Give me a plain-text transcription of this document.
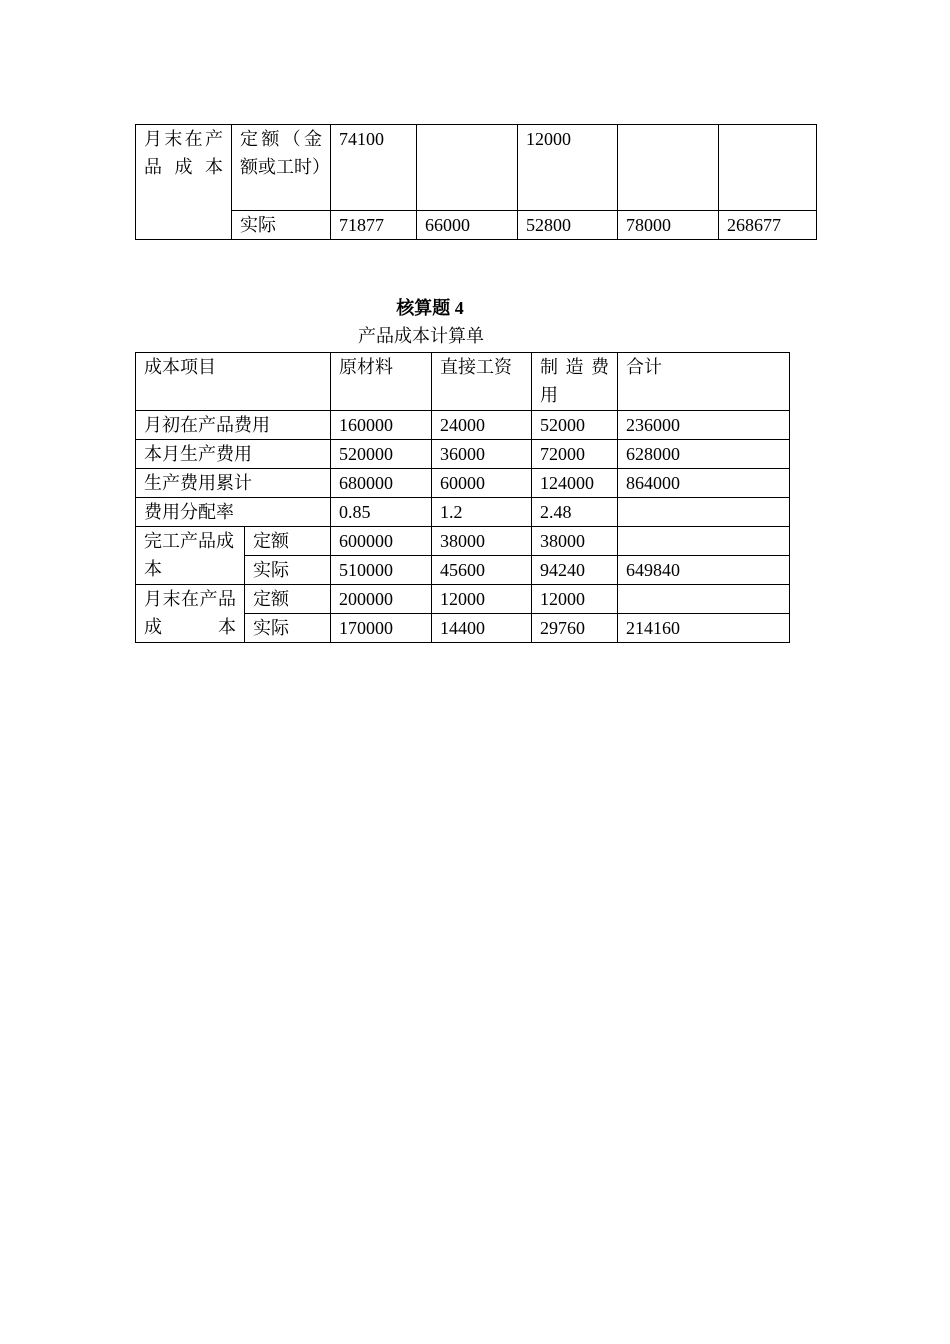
月末在产品成本	定额（金额或工时）	74100		12000		
	实际	71877	66000	52800	78000	268677
核算题 4
产品成本计算单
成本项目		原材料	直接工资	制造费用	合计
月初在产品费用		160000	24000	52000	236000
本月生产费用		520000	36000	72000	628000
生产费用累计		680000	60000	124000	864000
费用分配率		0.85	1.2	2.48	
完工产品成本	定额	600000	38000	38000	
	实际	510000	45600	94240	649840
月末在产品成本	定额	200000	12000	12000	
	实际	170000	14400	29760	214160
